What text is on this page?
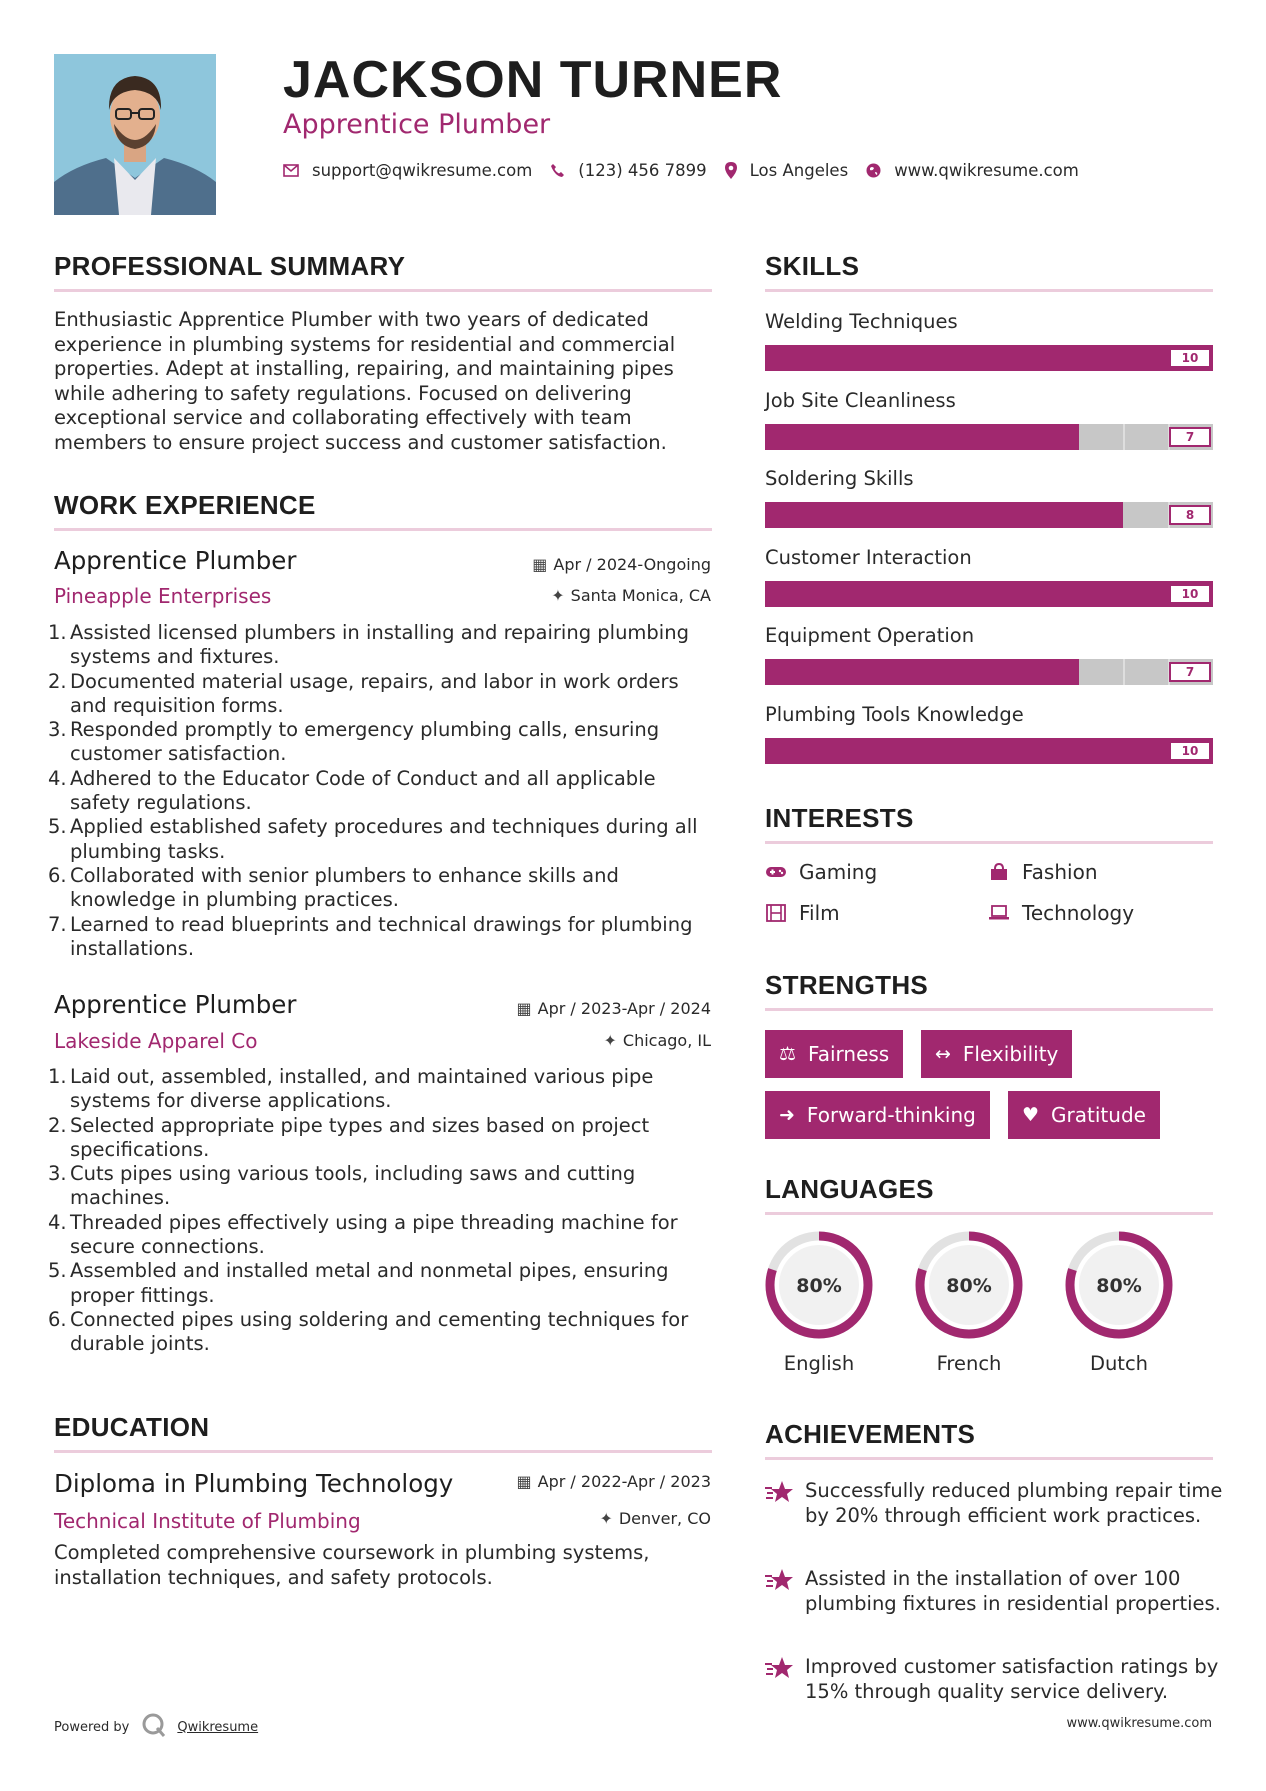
JACKSON TURNER
Apprentice Plumber
support@qwikresume.com	(123) 456 7899	Los Angeles	www.qwikresume.com
PROFESSIONAL SUMMARY
Enthusiastic Apprentice Plumber with two years of dedicated experience in plumbing systems for residential and commercial properties. Adept at installing, repairing, and maintaining pipes while adhering to safety regulations. Focused on delivering exceptional service and collaborating effectively with team members to ensure project success and customer satisfaction.
WORK EXPERIENCE
Apprentice Plumber	▦ Apr / 2024-Ongoing
Pineapple Enterprises	✦ Santa Monica, CA
1. Assisted licensed plumbers in installing and repairing plumbing systems and fixtures.
2. Documented material usage, repairs, and labor in work orders and requisition forms.
3. Responded promptly to emergency plumbing calls, ensuring customer satisfaction.
4. Adhered to the Educator Code of Conduct and all applicable safety regulations.
5. Applied established safety procedures and techniques during all plumbing tasks.
6. Collaborated with senior plumbers to enhance skills and knowledge in plumbing practices.
7. Learned to read blueprints and technical drawings for plumbing installations.
Apprentice Plumber	▦ Apr / 2023-Apr / 2024
Lakeside Apparel Co	✦ Chicago, IL
1. Laid out, assembled, installed, and maintained various pipe systems for diverse applications.
2. Selected appropriate pipe types and sizes based on project specifications.
3. Cuts pipes using various tools, including saws and cutting machines.
4. Threaded pipes effectively using a pipe threading machine for secure connections.
5. Assembled and installed metal and nonmetal pipes, ensuring proper fittings.
6. Connected pipes using soldering and cementing techniques for durable joints.
EDUCATION
Diploma in Plumbing Technology	▦ Apr / 2022-Apr / 2023
Technical Institute of Plumbing	✦ Denver, CO
Completed comprehensive coursework in plumbing systems, installation techniques, and safety protocols.
SKILLS
Welding Techniques
10
Job Site Cleanliness
7
Soldering Skills
8
Customer Interaction
10
Equipment Operation
7
Plumbing Tools Knowledge
10
INTERESTS
Gaming	Fashion
Film	Technology
STRENGTHS
⚖ Fairness ↔ Flexibility
➜ Forward-thinking ♥ Gratitude
LANGUAGES
80%
English
80%
French
80%
Dutch
ACHIEVEMENTS
Successfully reduced plumbing repair time by 20% through efficient work practices.
Assisted in the installation of over 100 plumbing fixtures in residential properties.
Improved customer satisfaction ratings by 15% through quality service delivery.
Powered by	Qwikresume	www.qwikresume.com
